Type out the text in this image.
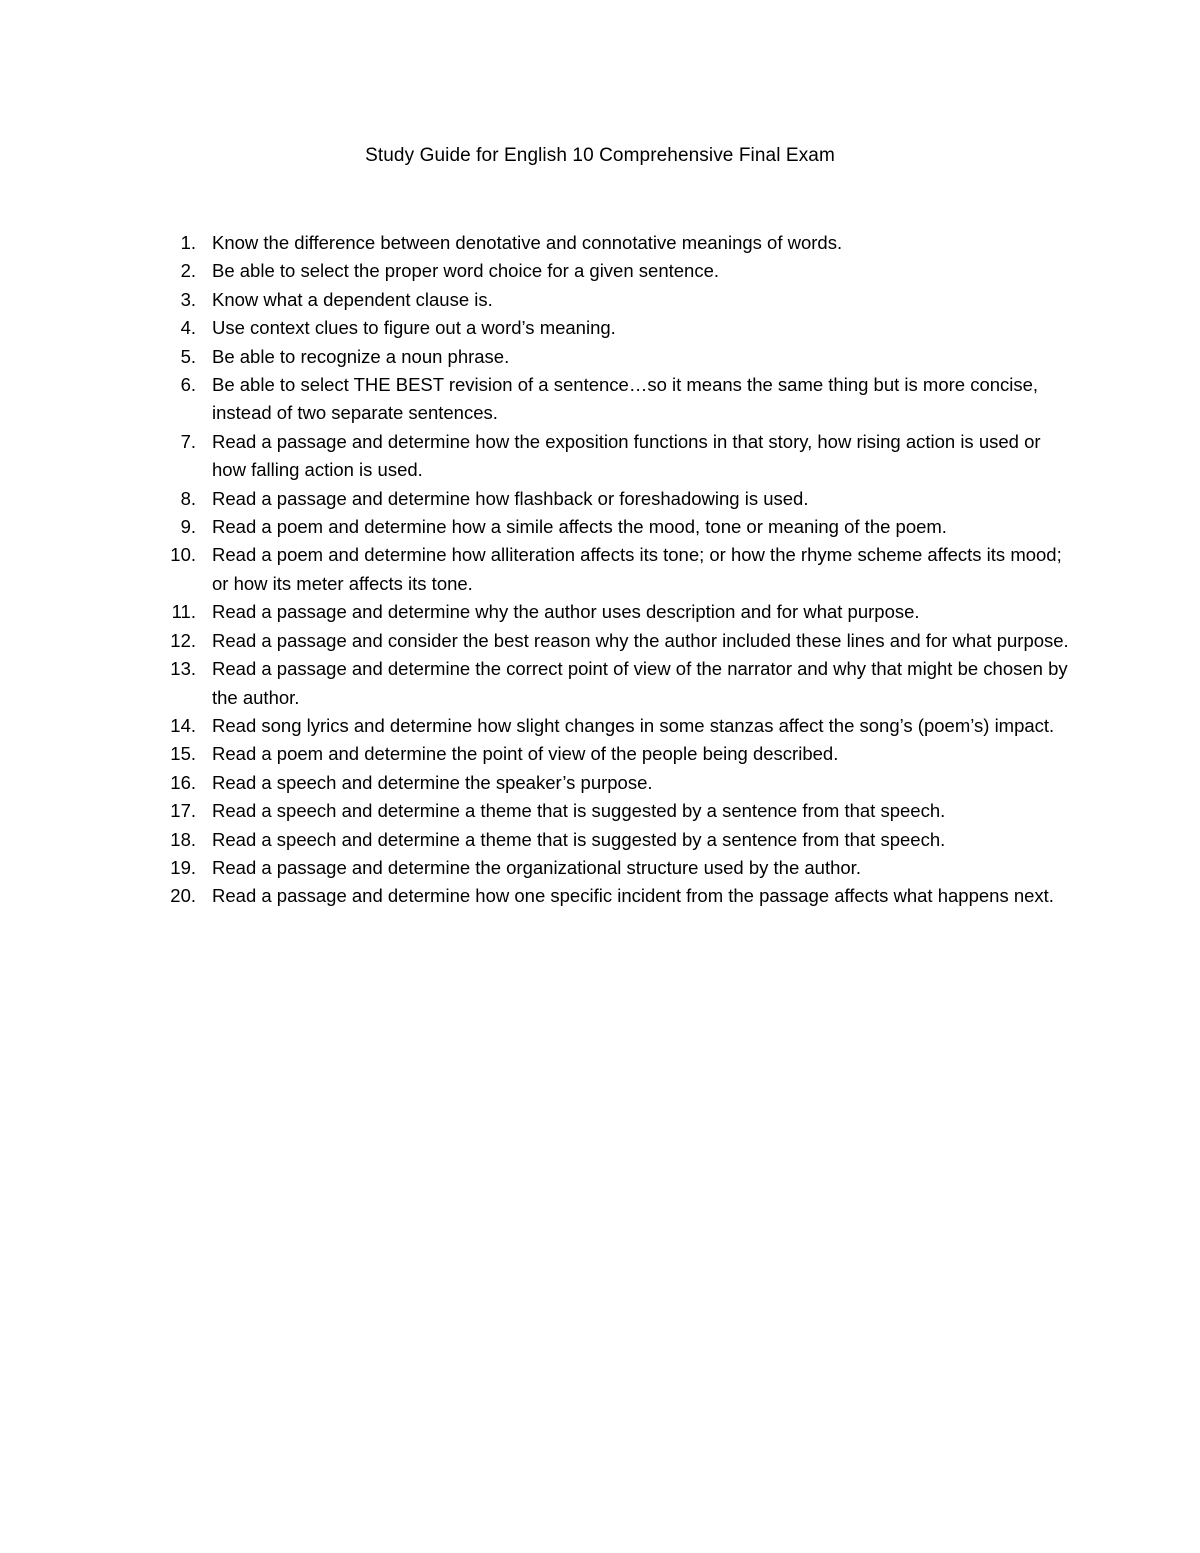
Study Guide for English 10 Comprehensive Final Exam
1. Know the difference between denotative and connotative meanings of words.
2. Be able to select the proper word choice for a given sentence.
3. Know what a dependent clause is.
4. Use context clues to figure out a word’s meaning.
5. Be able to recognize a noun phrase.
6. Be able to select THE BEST revision of a sentence…so it means the same thing but is more concise, instead of two separate sentences.
7. Read a passage and determine how the exposition functions in that story, how rising action is used or how falling action is used.
8. Read a passage and determine how flashback or foreshadowing is used.
9. Read a poem and determine how a simile affects the mood, tone or meaning of the poem.
10. Read a poem and determine how alliteration affects its tone; or how the rhyme scheme affects its mood; or how its meter affects its tone.
11. Read a passage and determine why the author uses description and for what purpose.
12. Read a passage and consider the best reason why the author included these lines and for what purpose.
13. Read a passage and determine the correct point of view of the narrator and why that might be chosen by the author.
14. Read song lyrics and determine how slight changes in some stanzas affect the song’s (poem’s) impact.
15. Read a poem and determine the point of view of the people being described.
16. Read a speech and determine the speaker’s purpose.
17. Read a speech and determine a theme that is suggested by a sentence from that speech.
18. Read a speech and determine a theme that is suggested by a sentence from that speech.
19. Read a passage and determine the organizational structure used by the author.
20. Read a passage and determine how one specific incident from the passage affects what happens next.
